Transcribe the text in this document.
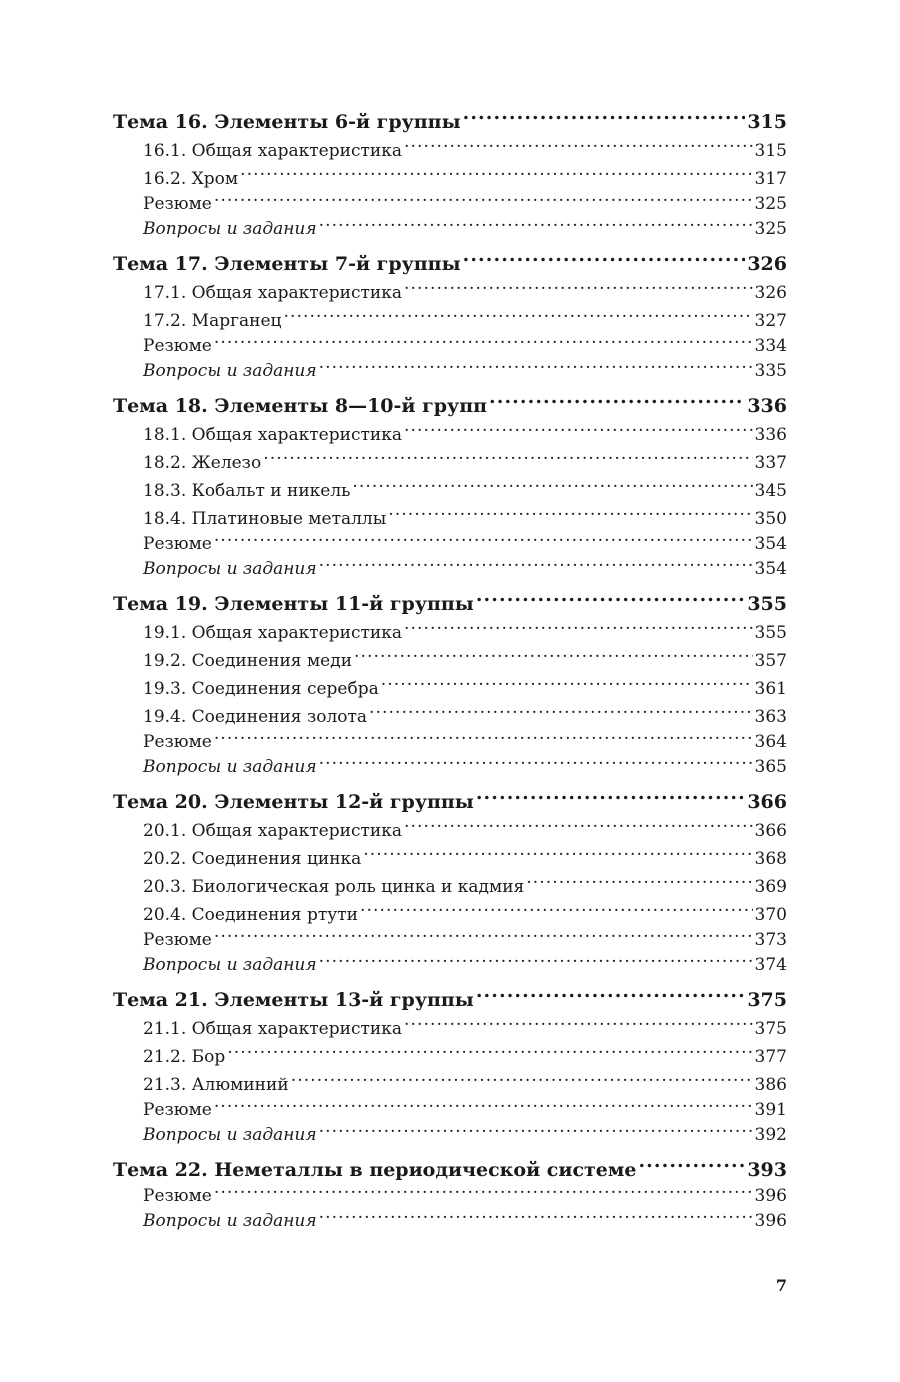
Тема 16. Элементы 6-й группы .....	315
16.1. Общая характеристика .....	315
16.2. Хром .....	317
Резюме .....	325
Вопросы и задания .....	325
Тема 17. Элементы 7-й группы .....	326
17.1. Общая характеристика .....	326
17.2. Марганец .....	327
Резюме .....	334
Вопросы и задания .....	335
Тема 18. Элементы 8—10-й групп .....	336
18.1. Общая характеристика .....	336
18.2. Железо .....	337
18.3. Кобальт и никель .....	345
18.4. Платиновые металлы .....	350
Резюме .....	354
Вопросы и задания .....	354
Тема 19. Элементы 11-й группы .....	355
19.1. Общая характеристика .....	355
19.2. Соединения меди .....	357
19.3. Соединения серебра .....	361
19.4. Соединения золота .....	363
Резюме .....	364
Вопросы и задания .....	365
Тема 20. Элементы 12-й группы .....	366
20.1. Общая характеристика .....	366
20.2. Соединения цинка .....	368
20.3. Биологическая роль цинка и кадмия .....	369
20.4. Соединения ртути .....	370
Резюме .....	373
Вопросы и задания .....	374
Тема 21. Элементы 13-й группы .....	375
21.1. Общая характеристика .....	375
21.2. Бор .....	377
21.3. Алюминий .....	386
Резюме .....	391
Вопросы и задания .....	392
Тема 22. Неметаллы в периодической системе .....	393
Резюме .....	396
Вопросы и задания .....	396
7
